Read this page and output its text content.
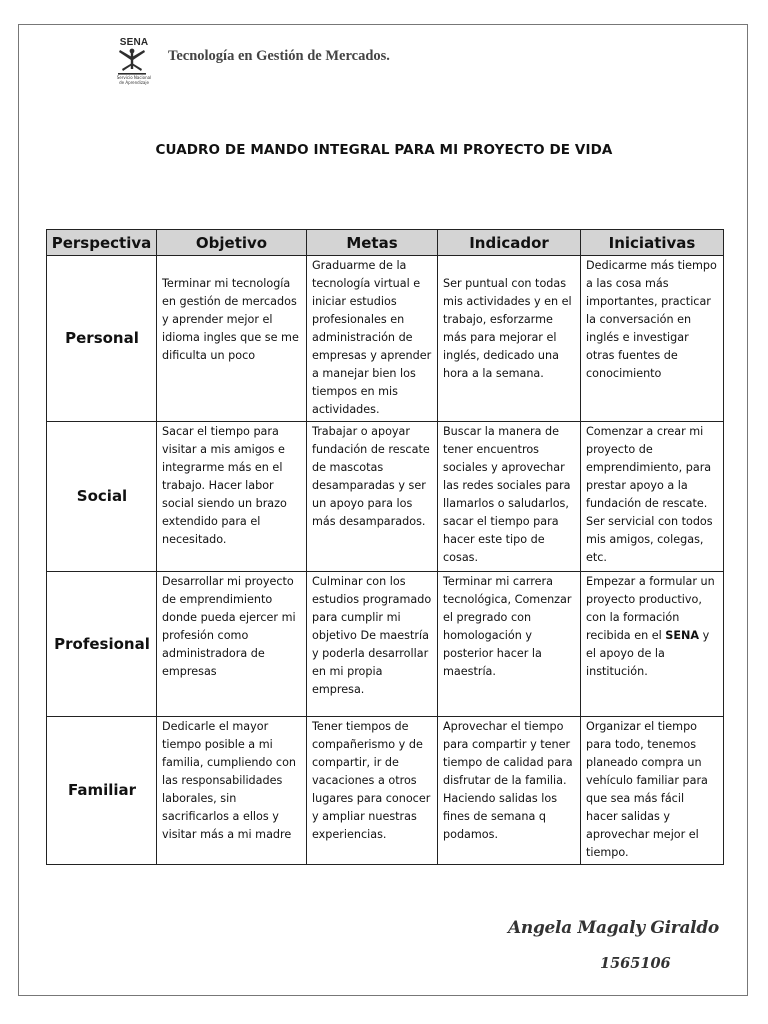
SENA
Servicio Nacional
de Aprendizaje
Tecnología en Gestión de Mercados.
CUADRO DE MANDO INTEGRAL PARA MI PROYECTO DE VIDA
Perspectiva	Objetivo	Metas	Indicador	Iniciativas
Personal	Terminar mi tecnología en gestión de mercados y aprender mejor el idioma ingles que se me dificulta un poco	Graduarme de la tecnología virtual e iniciar estudios profesionales en administración de empresas y aprender a manejar bien los tiempos en mis actividades.	Ser puntual con todas mis actividades y en el trabajo, esforzarme más para mejorar el inglés, dedicado una hora a la semana.	Dedicarme más tiempo a las cosa más importantes, practicar la conversación en inglés e investigar otras fuentes de conocimiento

Social	Sacar el tiempo para visitar a mis amigos e integrarme más en el trabajo. Hacer labor social siendo un brazo extendido para el necesitado.	Trabajar o apoyar fundación de rescate de mascotas desamparadas y ser un apoyo para los más desamparados.	Buscar la manera de tener encuentros sociales y aprovechar las redes sociales para llamarlos o saludarlos, sacar el tiempo para hacer este tipo de cosas.	Comenzar a crear mi proyecto de emprendimiento, para prestar apoyo a la fundación de rescate. Ser servicial con todos mis amigos, colegas, etc.

Profesional	Desarrollar mi proyecto de emprendimiento donde pueda ejercer mi profesión como administradora de empresas	Culminar con los estudios programado para cumplir mi objetivo De maestría y poderla desarrollar en mi propia empresa.	Terminar mi carrera tecnológica, Comenzar el pregrado con homologación y posterior hacer la maestría.	Empezar a formular un proyecto productivo, con la formación recibida en el SENA y el apoyo de la institución.

Familiar	Dedicarle el mayor tiempo posible a mi familia, cumpliendo con las responsabilidades laborales, sin sacrificarlos a ellos y visitar más a mi madre	Tener tiempos de compañerismo y de compartir, ir de vacaciones a otros lugares para conocer y ampliar nuestras experiencias.	Aprovechar el tiempo para compartir y tener tiempo de calidad para disfrutar de la familia. Haciendo salidas los fines de semana q podamos.	Organizar el tiempo para todo, tenemos planeado compra un vehículo familiar para que sea más fácil hacer salidas y aprovechar mejor el tiempo.
Angela Magaly Giraldo
1565106
